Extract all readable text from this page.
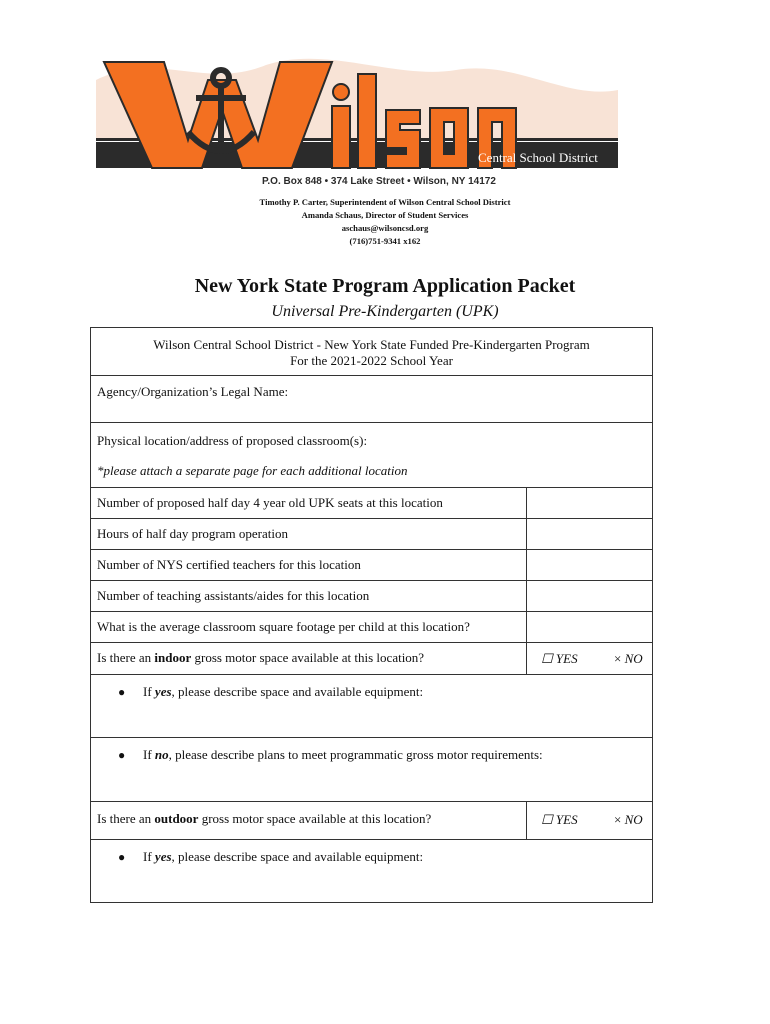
Central School District
P.O. Box 848 • 374 Lake Street • Wilson, NY 14172
Timothy P. Carter, Superintendent of Wilson Central School District
Amanda Schaus, Director of Student Services
aschaus@wilsoncsd.org
(716)751-9341 x162
New York State Program Application Packet
Universal Pre-Kindergarten (UPK)
Wilson Central School District - New York State Funded Pre-Kindergarten Program
For the 2021-2022 School Year
Agency/Organization’s Legal Name:
Physical location/address of proposed classroom(s):
*please attach a separate page for each additional location
Number of proposed half day 4 year old UPK seats at this location
Hours of half day program operation
Number of NYS certified teachers for this location
Number of teaching assistants/aides for this location
What is the average classroom square footage per child at this location?
Is there an indoor gross motor space available at this location?	☐ YES	× NO
● If yes, please describe space and available equipment:
● If no, please describe plans to meet programmatic gross motor requirements:
Is there an outdoor gross motor space available at this location?	☐ YES	× NO
● If yes, please describe space and available equipment:
